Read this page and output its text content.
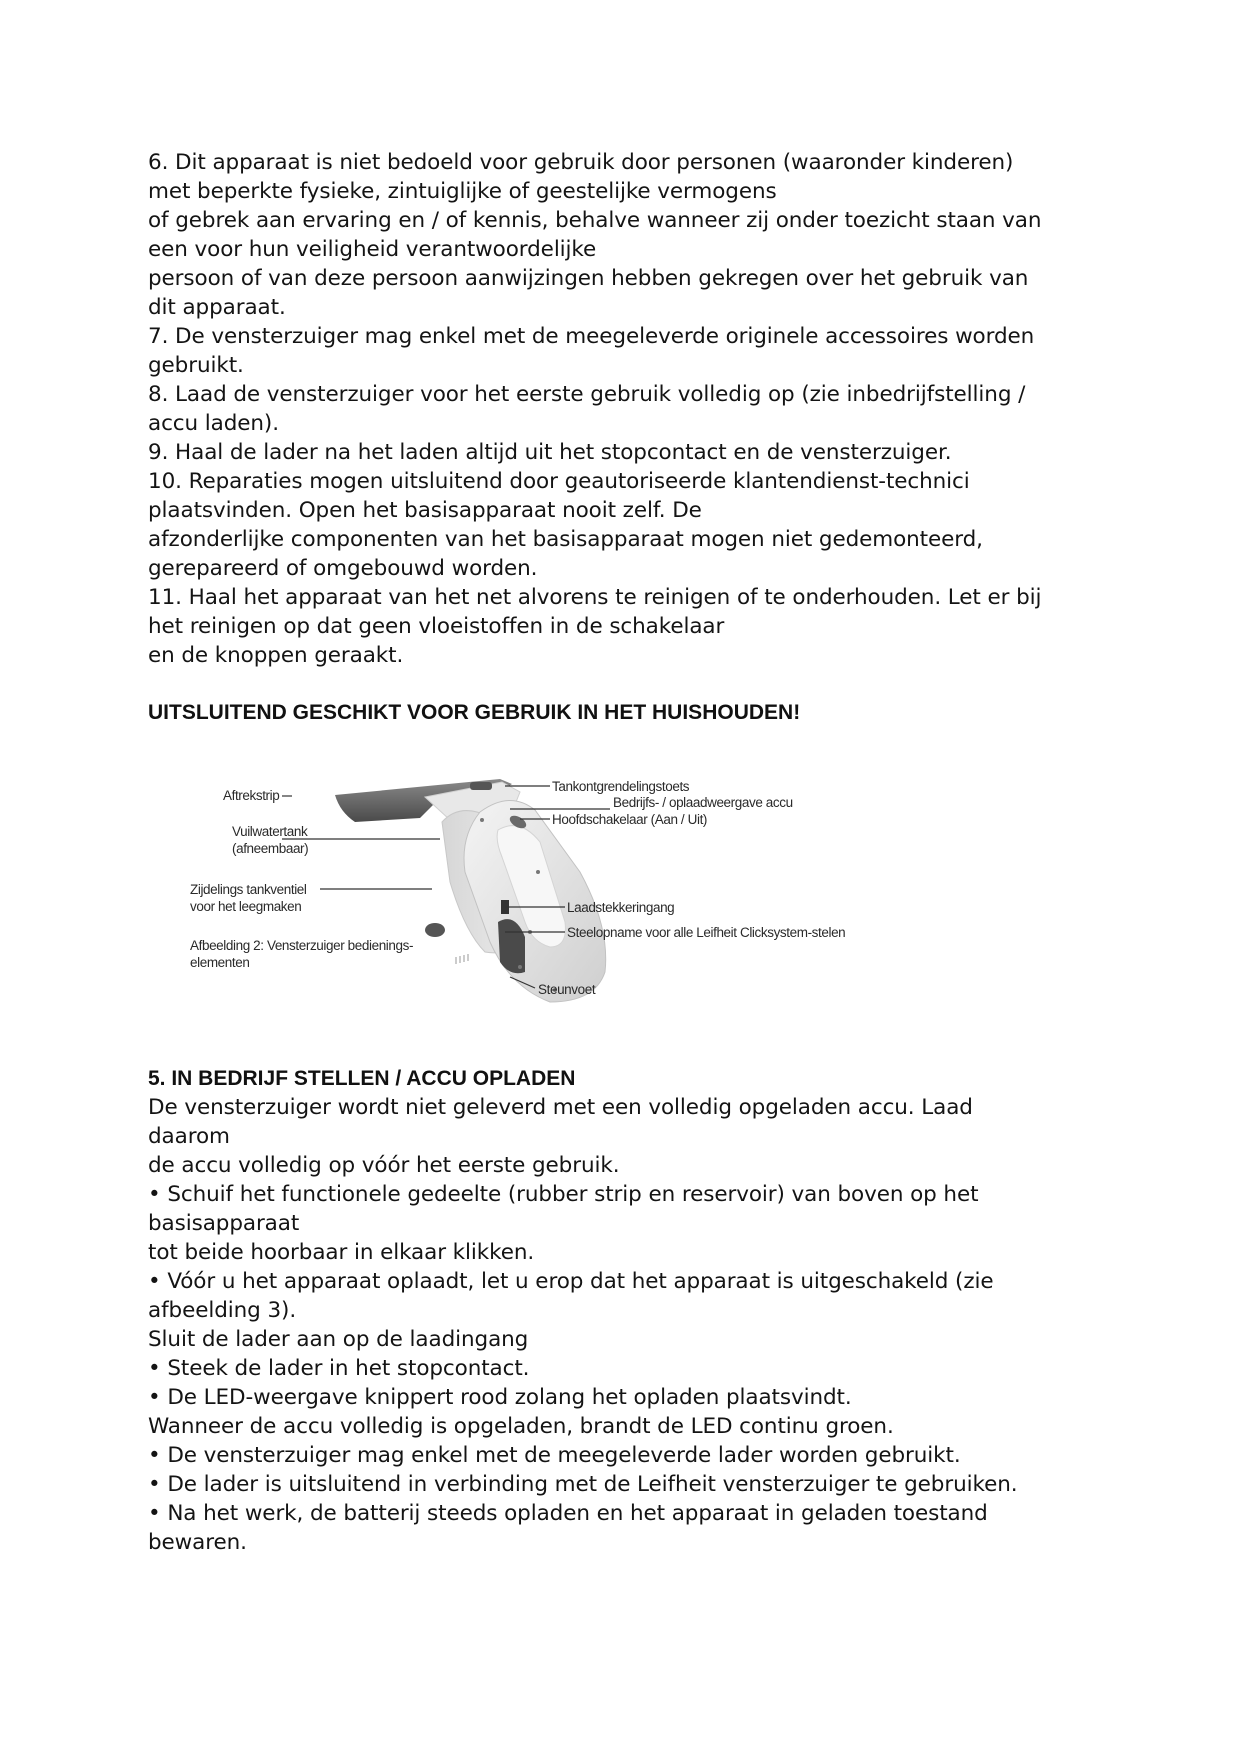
6. Dit apparaat is niet bedoeld voor gebruik door personen (waaronder kinderen)
met beperkte fysieke, zintuiglijke of geestelijke vermogens
of gebrek aan ervaring en / of kennis, behalve wanneer zij onder toezicht staan van
een voor hun veiligheid verantwoordelijke
persoon of van deze persoon aanwijzingen hebben gekregen over het gebruik van
dit apparaat.
7. De vensterzuiger mag enkel met de meegeleverde originele accessoires worden
gebruikt.
8. Laad de vensterzuiger voor het eerste gebruik volledig op (zie inbedrijfstelling /
accu laden).
9. Haal de lader na het laden altijd uit het stopcontact en de vensterzuiger.
10. Reparaties mogen uitsluitend door geautoriseerde klantendienst-technici
plaatsvinden. Open het basisapparaat nooit zelf. De
afzonderlijke componenten van het basisapparaat mogen niet gedemonteerd,
gerepareerd of omgebouwd worden.
11. Haal het apparaat van het net alvorens te reinigen of te onderhouden. Let er bij
het reinigen op dat geen vloeistoffen in de schakelaar
en de knoppen geraakt.
UITSLUITEND GESCHIKT VOOR GEBRUIK IN HET HUISHOUDEN!
Aftrekstrip
Vuilwatertank
(afneembaar)
Zijdelings tankventiel
voor het leegmaken
Afbeelding 2: Vensterzuiger bedienings-
elementen
Tankontgrendelingstoets
Bedrijfs- / oplaadweergave accu
Hoofdschakelaar (Aan / Uit)
Laadstekkeringang
Steelopname voor alle Leifheit Clicksystem-stelen
Steunvoet
5. IN BEDRIJF STELLEN / ACCU OPLADEN
De vensterzuiger wordt niet geleverd met een volledig opgeladen accu. Laad
daarom
de accu volledig op vóór het eerste gebruik.
• Schuif het functionele gedeelte (rubber strip en reservoir) van boven op het
basisapparaat
tot beide hoorbaar in elkaar klikken.
• Vóór u het apparaat oplaadt, let u erop dat het apparaat is uitgeschakeld (zie
afbeelding 3).
Sluit de lader aan op de laadingang
• Steek de lader in het stopcontact.
• De LED-weergave knippert rood zolang het opladen plaatsvindt.
Wanneer de accu volledig is opgeladen, brandt de LED continu groen.
• De vensterzuiger mag enkel met de meegeleverde lader worden gebruikt.
• De lader is uitsluitend in verbinding met de Leifheit vensterzuiger te gebruiken.
• Na het werk, de batterij steeds opladen en het apparaat in geladen toestand
bewaren.
